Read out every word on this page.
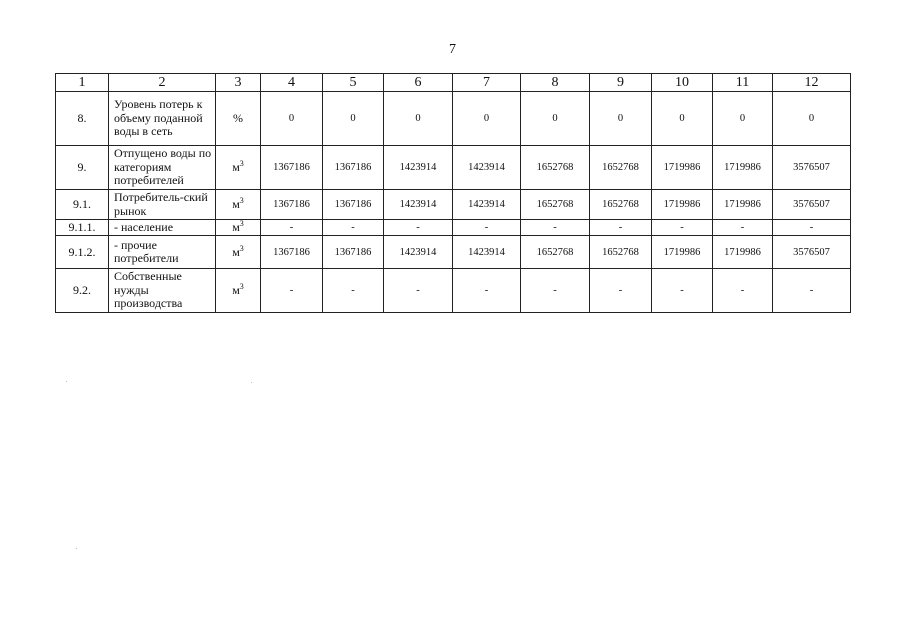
7
1	2	3	4	5	6	7	8	9	10	11	12
8.	Уровень потерь к объему поданной воды в сеть	%	0	0	0	0	0	0	0	0	0
9.	Отпущено воды по категориям потребителей	$м^3$	1367186	1367186	1423914	1423914	1652768	1652768	1719986	1719986	3576507
9.1.	Потребитель-ский рынок	$м^3$	1367186	1367186	1423914	1423914	1652768	1652768	1719986	1719986	3576507
9.1.1.	- население	$м^3$	-	-	-	-	-	-	-	-	-
9.1.2.	- прочие потребители	$м^3$	1367186	1367186	1423914	1423914	1652768	1652768	1719986	1719986	3576507
9.2.	Собственные нужды производства	$м^3$	-	-	-	-	-	-	-	-	-
